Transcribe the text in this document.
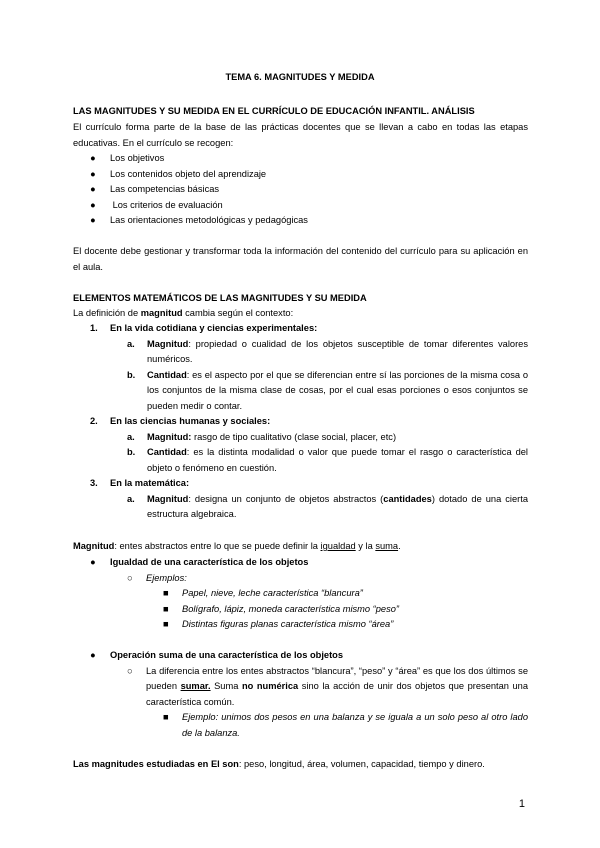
TEMA 6. MAGNITUDES Y MEDIDA
LAS MAGNITUDES Y SU MEDIDA EN EL CURRÍCULO DE EDUCACIÓN INFANTIL. ANÁLISIS
El currículo forma parte de la base de las prácticas docentes que se llevan a cabo en todas las etapas educativas. En el currículo se recogen:
● Los objetivos
● Los contenidos objeto del aprendizaje
● Las competencias básicas
● Los criterios de evaluación
● Las orientaciones metodológicas y pedagógicas
El docente debe gestionar y transformar toda la información del contenido del currículo para su aplicación en el aula.
ELEMENTOS MATEMÁTICOS DE LAS MAGNITUDES Y SU MEDIDA
La definición de magnitud cambia según el contexto:
1. En la vida cotidiana y ciencias experimentales:
a. Magnitud: propiedad o cualidad de los objetos susceptible de tomar diferentes valores numéricos.
b. Cantidad: es el aspecto por el que se diferencian entre sí las porciones de la misma cosa o los conjuntos de la misma clase de cosas, por el cual esas porciones o esos conjuntos se pueden medir o contar.
2. En las ciencias humanas y sociales:
a. Magnitud: rasgo de tipo cualitativo (clase social, placer, etc)
b. Cantidad: es la distinta modalidad o valor que puede tomar el rasgo o característica del objeto o fenómeno en cuestión.
3. En la matemática:
a. Magnitud: designa un conjunto de objetos abstractos (cantidades) dotado de una cierta estructura algebraica.
Magnitud: entes abstractos entre lo que se puede definir la igualdad y la suma.
● Igualdad de una característica de los objetos
○ Ejemplos:
■ Papel, nieve, leche característica “blancura”
■ Bolígrafo, lápiz, moneda característica mismo “peso”
■ Distintas figuras planas característica mismo “área”
● Operación suma de una característica de los objetos
○ La diferencia entre los entes abstractos “blancura”, “peso” y “área” es que los dos últimos se pueden sumar. Suma no numérica sino la acción de unir dos objetos que presentan una característica común.
■ Ejemplo: unimos dos pesos en una balanza y se iguala a un solo peso al otro lado de la balanza.
Las magnitudes estudiadas en El son: peso, longitud, área, volumen, capacidad, tiempo y dinero.
1
